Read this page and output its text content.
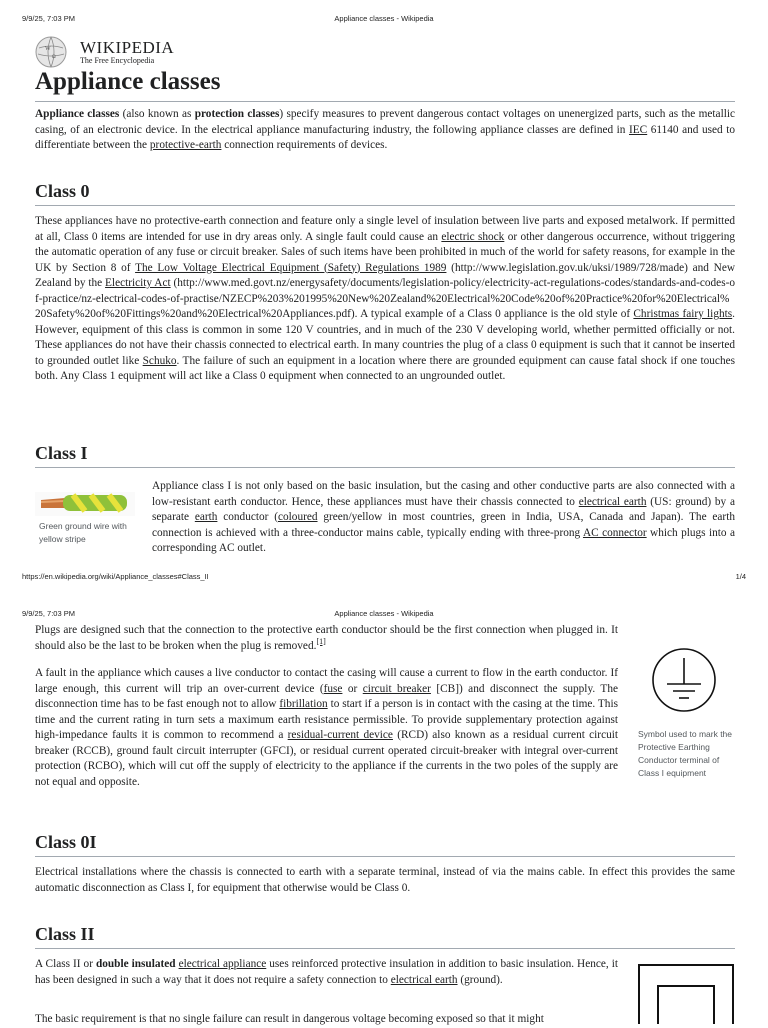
9/9/25, 7:03 PM	Appliance classes - Wikipedia
W
Ω
WIKIPEDIA
The Free Encyclopedia
Appliance classes
Appliance classes (also known as protection classes) specify measures to prevent dangerous contact voltages on unenergized parts, such as the metallic casing, of an electronic device. In the electrical appliance manufacturing industry, the following appliance classes are defined in IEC 61140 and used to differentiate between the protective-earth connection requirements of devices.
Class 0
These appliances have no protective-earth connection and feature only a single level of insulation between live parts and exposed metalwork. If permitted at all, Class 0 items are intended for use in dry areas only. A single fault could cause an electric shock or other dangerous occurrence, without triggering the automatic operation of any fuse or circuit breaker. Sales of such items have been prohibited in much of the world for safety reasons, for example in the UK by Section 8 of The Low Voltage Electrical Equipment (Safety) Regulations 1989 (http://www.legislation.gov.uk/uksi/1989/728/made) and New Zealand by the Electricity Act (http://www.med.govt.nz/energysafety/documents/legislation-policy/electricity-act-regulations-codes/standards-and-codes-of-practice/nz-electrical-codes-of-practise/NZECP%203%201995%20New%20Zealand%20Electrical%20Code%20of%20Practice%20for%20Electrical%20Safety%20of%20Fittings%20and%20Electrical%20Appliances.pdf). A typical example of a Class 0 appliance is the old style of Christmas fairy lights. However, equipment of this class is common in some 120 V countries, and in much of the 230 V developing world, whether permitted officially or not. These appliances do not have their chassis connected to electrical earth. In many countries the plug of a class 0 equipment is such that it cannot be inserted to grounded outlet like Schuko. The failure of such an equipment in a location where there are grounded equipment can cause fatal shock if one touches both. Any Class 1 equipment will act like a Class 0 equipment when connected to an ungrounded outlet.
Class I
Green ground wire with yellow stripe
Appliance class I is not only based on the basic insulation, but the casing and other conductive parts are also connected with a low-resistant earth conductor. Hence, these appliances must have their chassis connected to electrical earth (US: ground) by a separate earth conductor (coloured green/yellow in most countries, green in India, USA, Canada and Japan). The earth connection is achieved with a three-conductor mains cable, typically ending with three-prong AC connector which plugs into a corresponding AC outlet.
https://en.wikipedia.org/wiki/Appliance_classes#Class_II	1/4
9/9/25, 7:03 PM	Appliance classes - Wikipedia
Plugs are designed such that the connection to the protective earth conductor should be the first connection when plugged in. It should also be the last to be broken when the plug is removed.[1]
A fault in the appliance which causes a live conductor to contact the casing will cause a current to flow in the earth conductor. If large enough, this current will trip an over-current device (fuse or circuit breaker [CB]) and disconnect the supply. The disconnection time has to be fast enough not to allow fibrillation to start if a person is in contact with the casing at the time. This time and the current rating in turn sets a maximum earth resistance permissible. To provide supplementary protection against high-impedance faults it is common to recommend a residual-current device (RCD) also known as a residual current circuit breaker (RCCB), ground fault circuit interrupter (GFCI), or residual current operated circuit-breaker with integral over-current protection (RCBO), which will cut off the supply of electricity to the appliance if the currents in the two poles of the supply are not equal and opposite.
Symbol used to mark the Protective Earthing Conductor terminal of Class I equipment
Class 0I
Electrical installations where the chassis is connected to earth with a separate terminal, instead of via the mains cable. In effect this provides the same automatic disconnection as Class I, for equipment that otherwise would be Class 0.
Class II
A Class II or double insulated electrical appliance uses reinforced protective insulation in addition to basic insulation. Hence, it has been designed in such a way that it does not require a safety connection to electrical earth (ground).
The basic requirement is that no single failure can result in dangerous voltage becoming exposed so that it might
